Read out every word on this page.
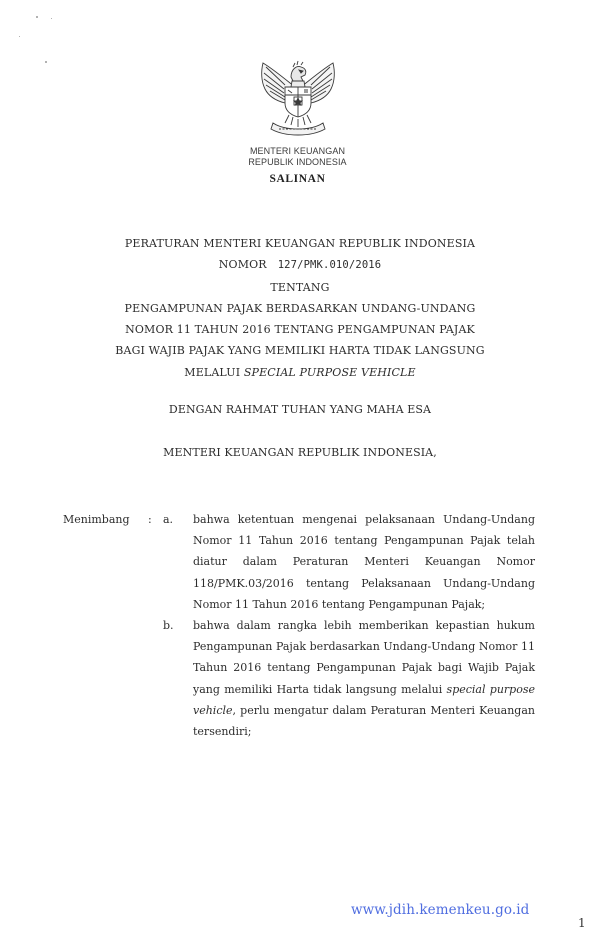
MENTERI KEUANGAN
REPUBLIK INDONESIA
SALINAN
PERATURAN MENTERI KEUANGAN REPUBLIK INDONESIA
NOMOR 127/PMK.010/2016
TENTANG
PENGAMPUNAN PAJAK BERDASARKAN UNDANG-UNDANG
NOMOR 11 TAHUN 2016 TENTANG PENGAMPUNAN PAJAK
BAGI WAJIB PAJAK YANG MEMILIKI HARTA TIDAK LANGSUNG
MELALUI SPECIAL PURPOSE VEHICLE
DENGAN RAHMAT TUHAN YANG MAHA ESA
MENTERI KEUANGAN REPUBLIK INDONESIA,
Menimbang : a. bahwa ketentuan mengenai pelaksanaan Undang-Undang Nomor 11 Tahun 2016 tentang Pengampunan Pajak telah diatur dalam Peraturan Menteri Keuangan Nomor 118/PMK.03/2016 tentang Pelaksanaan Undang-Undang Nomor 11 Tahun 2016 tentang Pengampunan Pajak;
b. bahwa dalam rangka lebih memberikan kepastian hukum Pengampunan Pajak berdasarkan Undang-Undang Nomor 11 Tahun 2016 tentang Pengampunan Pajak bagi Wajib Pajak yang memiliki Harta tidak langsung melalui special purpose vehicle, perlu mengatur dalam Peraturan Menteri Keuangan tersendiri;
www.jdih.kemenkeu.go.id
1
